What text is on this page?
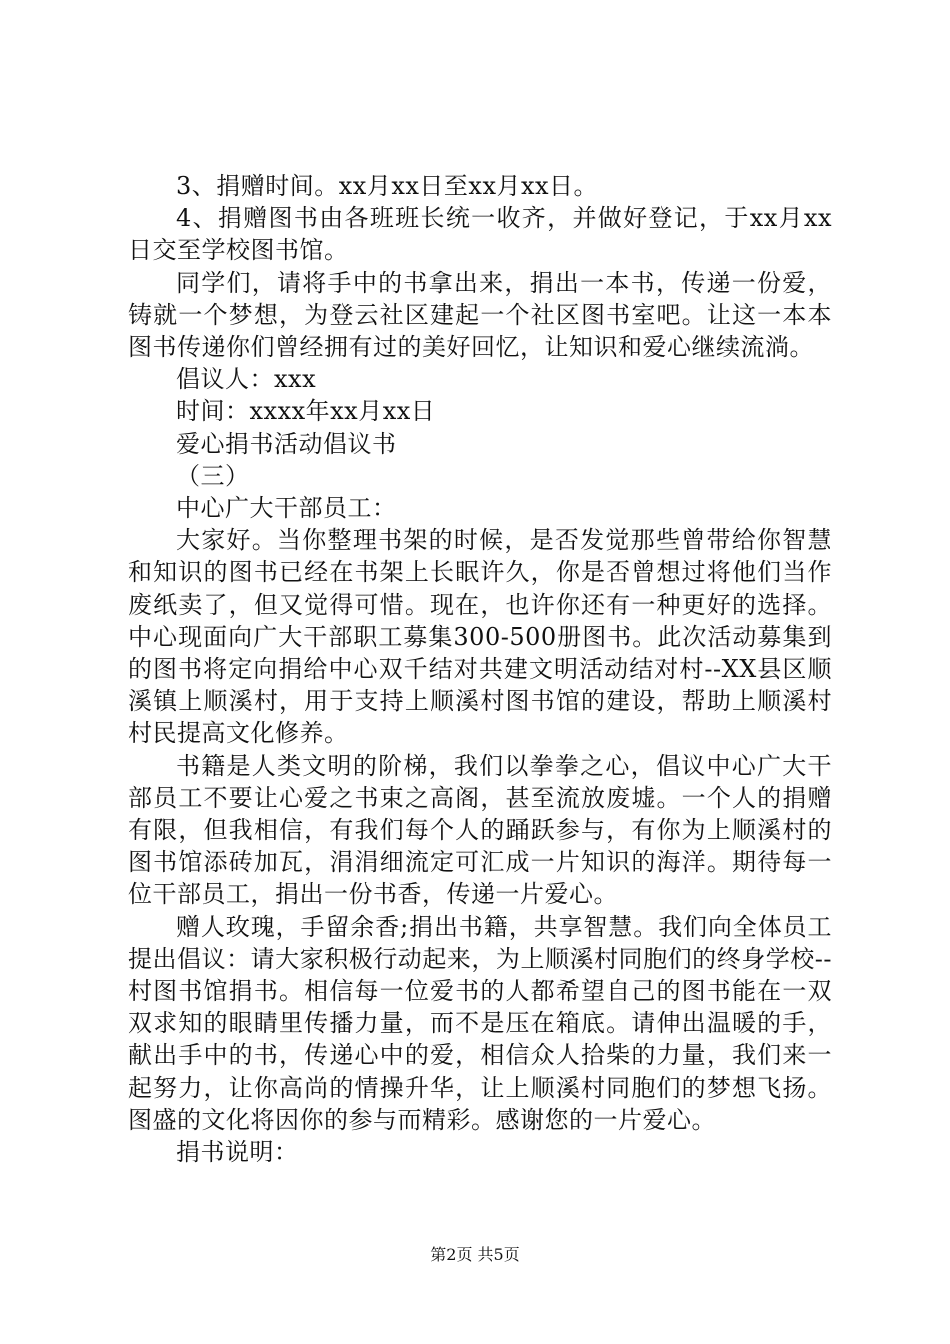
3、捐赠时间。xx月xx日至xx月xx日。

4、捐赠图书由各班班长统一收齐，并做好登记，于xx月xx日交至学校图书馆。

同学们，请将手中的书拿出来，捐出一本书，传递一份爱，铸就一个梦想，为登云社区建起一个社区图书室吧。让这一本本图书传递你们曾经拥有过的美好回忆，让知识和爱心继续流淌。

倡议人：xxx

时间：xxxx年xx月xx日

爱心捐书活动倡议书

（三）

中心广大干部员工：

大家好。当你整理书架的时候，是否发觉那些曾带给你智慧和知识的图书已经在书架上长眠许久，你是否曾想过将他们当作废纸卖了，但又觉得可惜。现在，也许你还有一种更好的选择。中心现面向广大干部职工募集300-500册图书。此次活动募集到的图书将定向捐给中心双千结对共建文明活动结对村--XX县区顺溪镇上顺溪村，用于支持上顺溪村图书馆的建设，帮助上顺溪村村民提高文化修养。

书籍是人类文明的阶梯，我们以拳拳之心，倡议中心广大干部员工不要让心爱之书束之高阁，甚至流放废墟。一个人的捐赠有限，但我相信，有我们每个人的踊跃参与，有你为上顺溪村的图书馆添砖加瓦，涓涓细流定可汇成一片知识的海洋。期待每一位干部员工，捐出一份书香，传递一片爱心。

赠人玫瑰，手留余香;捐出书籍，共享智慧。我们向全体员工提出倡议：请大家积极行动起来，为上顺溪村同胞们的终身学校--村图书馆捐书。相信每一位爱书的人都希望自己的图书能在一双双求知的眼睛里传播力量，而不是压在箱底。请伸出温暖的手，献出手中的书，传递心中的爱，相信众人拾柴的力量，我们来一起努力，让你高尚的情操升华，让上顺溪村同胞们的梦想飞扬。图盛的文化将因你的参与而精彩。感谢您的一片爱心。

捐书说明：

第2页 共5页
